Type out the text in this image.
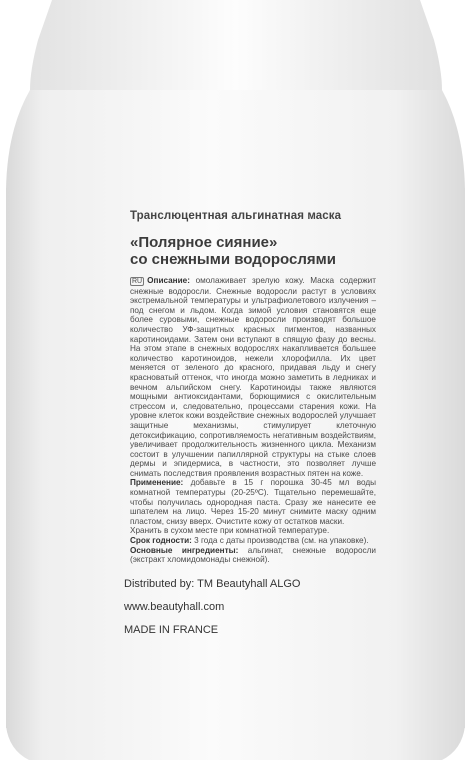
Транслюцентная альгинатная маска
«Полярное сияние»
со снежными водорослями
RU Описание: омолаживает зрелую кожу. Маска содержит снежные водоросли. Снежные водоросли растут в условиях экстремальной температуры и ультрафиолетового излучения – под снегом и льдом. Когда зимой условия становятся еще более суровыми, снежные водоросли производят большое количество УФ-защитных красных пигментов, названных каротиноидами. Затем они вступают в спящую фазу до весны. На этом этапе в снежных водорослях накапливается большее количество каротиноидов, нежели хлорофилла. Их цвет меняется от зеленого до красного, придавая льду и снегу красноватый оттенок, что иногда можно заметить в ледниках и вечном альпийском снегу. Каротиноиды также являются мощными антиоксидантами, борющимися с окислительным стрессом и, следовательно, процессами старения кожи. На уровне клеток кожи воздействие снежных водорослей улучшает защитные механизмы, стимулирует клеточную детоксификацию, сопротивляемость негативным воздействиям, увеличивает продолжительность жизненного цикла. Механизм состоит в улучшении папиллярной структуры на стыке слоев дермы и эпидермиса, в частности, это позволяет лучше снимать последствия проявления возрастных пятен на коже.
Применение: добавьте в 15 г порошка 30-45 мл воды комнатной температуры (20-25ºС). Тщательно перемешайте, чтобы получилась однородная паста. Сразу же нанесите ее шпателем на лицо. Через 15-20 минут снимите маску одним пластом, снизу вверх. Очистите кожу от остатков маски.
Хранить в сухом месте при комнатной температуре.
Срок годности: 3 года с даты производства (см. на упаковке).
Основные ингредиенты: альгинат, снежные водоросли (экстракт хломидомонады снежной).
Distributed by: TM Beautyhall ALGO
www.beautyhall.com
MADE IN FRANCE
